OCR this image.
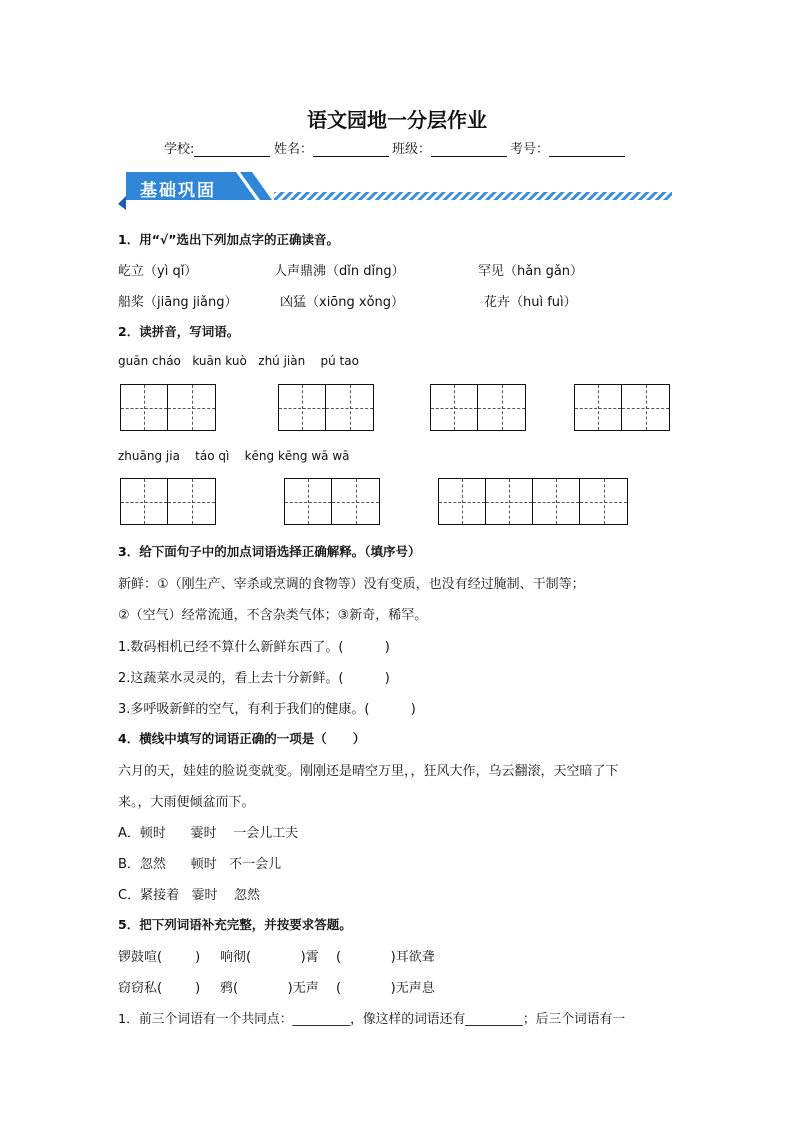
语文园地一分层作业
学校:	姓名：	班级：	考号：
基础巩固
1．用“√”选出下列加点字的正确读音。
屹立（yì qǐ）	人声鼎沸（dǐn dǐng）	罕见（hǎn gǎn）
船桨（jiāng jiǎng）	凶猛（xiōng xǒng）	花卉（huì fuì）
2．读拼音，写词语。
guān cháo   kuān kuò   zhú jiàn    pú tao
zhuāng jia    táo qì    kēng kēng wā wā
3．给下面句子中的加点词语选择正确解释。（填序号）
新鲜：①（刚生产、宰杀或烹调的食物等）没有变质，也没有经过腌制、干制等；
②（空气）经常流通，不含杂类气体；③新奇，稀罕。
1.数码相机已经不算什么新鲜东西了。(          )
2.这蔬菜水灵灵的，看上去十分新鲜。(          )
3.多呼吸新鲜的空气，有利于我们的健康。(          )
4．横线中填写的词语正确的一项是（      ）
六月的天，娃娃的脸说变就变。刚刚还是晴空万里，，狂风大作，乌云翻滚，天空暗了下
来。，大雨便倾盆而下。
A．顿时      霎时    一会儿工夫
B．忽然      顿时   不一会儿
C．紧接着   霎时    忽然
5．把下列词语补充完整，并按要求答题。
锣鼓喧(        ) 响彻(            )霄 (            )耳欲聋
窃窃私(        ) 鸦(            )无声 (            )无声息
1．前三个词语有一个共同点：_________，像这样的词语还有_________；后三个词语有一
